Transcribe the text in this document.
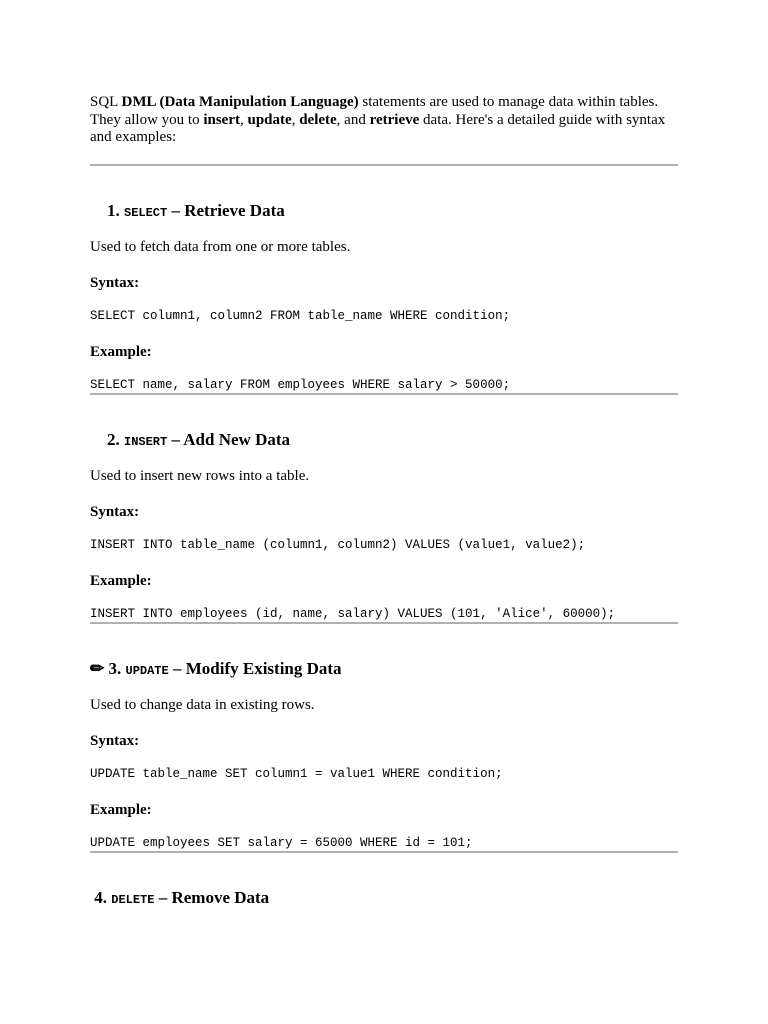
SQL DML (Data Manipulation Language) statements are used to manage data within tables. They allow you to insert, update, delete, and retrieve data. Here's a detailed guide with syntax and examples:
1. SELECT – Retrieve Data
Used to fetch data from one or more tables.
Syntax:
SELECT column1, column2 FROM table_name WHERE condition;
Example:
SELECT name, salary FROM employees WHERE salary > 50000;
2. INSERT – Add New Data
Used to insert new rows into a table.
Syntax:
INSERT INTO table_name (column1, column2) VALUES (value1, value2);
Example:
INSERT INTO employees (id, name, salary) VALUES (101, 'Alice', 60000);
✏ 3. UPDATE – Modify Existing Data
Used to change data in existing rows.
Syntax:
UPDATE table_name SET column1 = value1 WHERE condition;
Example:
UPDATE employees SET salary = 65000 WHERE id = 101;
4. DELETE – Remove Data
